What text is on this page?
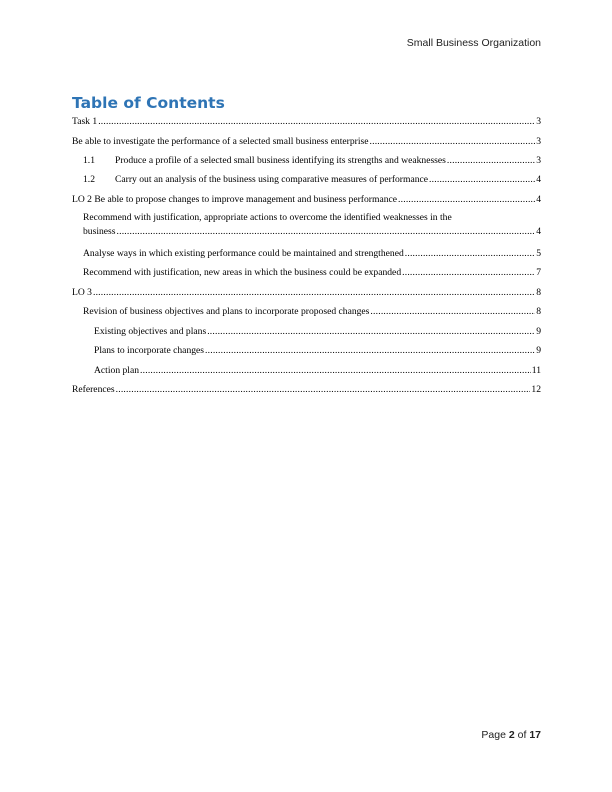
Small Business Organization
Table of Contents
Task 1 .....	3
Be able to investigate the performance of a selected small business enterprise .....	3
1.1	Produce a profile of a selected small business identifying its strengths and weaknesses .....	3
1.2	Carry out an analysis of the business using comparative measures of performance .....	4
LO 2 Be able to propose changes to improve management and business performance .....	4
Recommend with justification, appropriate actions to overcome the identified weaknesses in the
business .....	4
Analyse ways in which existing performance could be maintained and strengthened .....	5
Recommend with justification, new areas in which the business could be expanded .....	7
LO 3 .....	8
Revision of business objectives and plans to incorporate proposed changes .....	8
Existing objectives and plans .....	9
Plans to incorporate changes .....	9
Action plan .....	11
References .....	12
Page 2 of 17
